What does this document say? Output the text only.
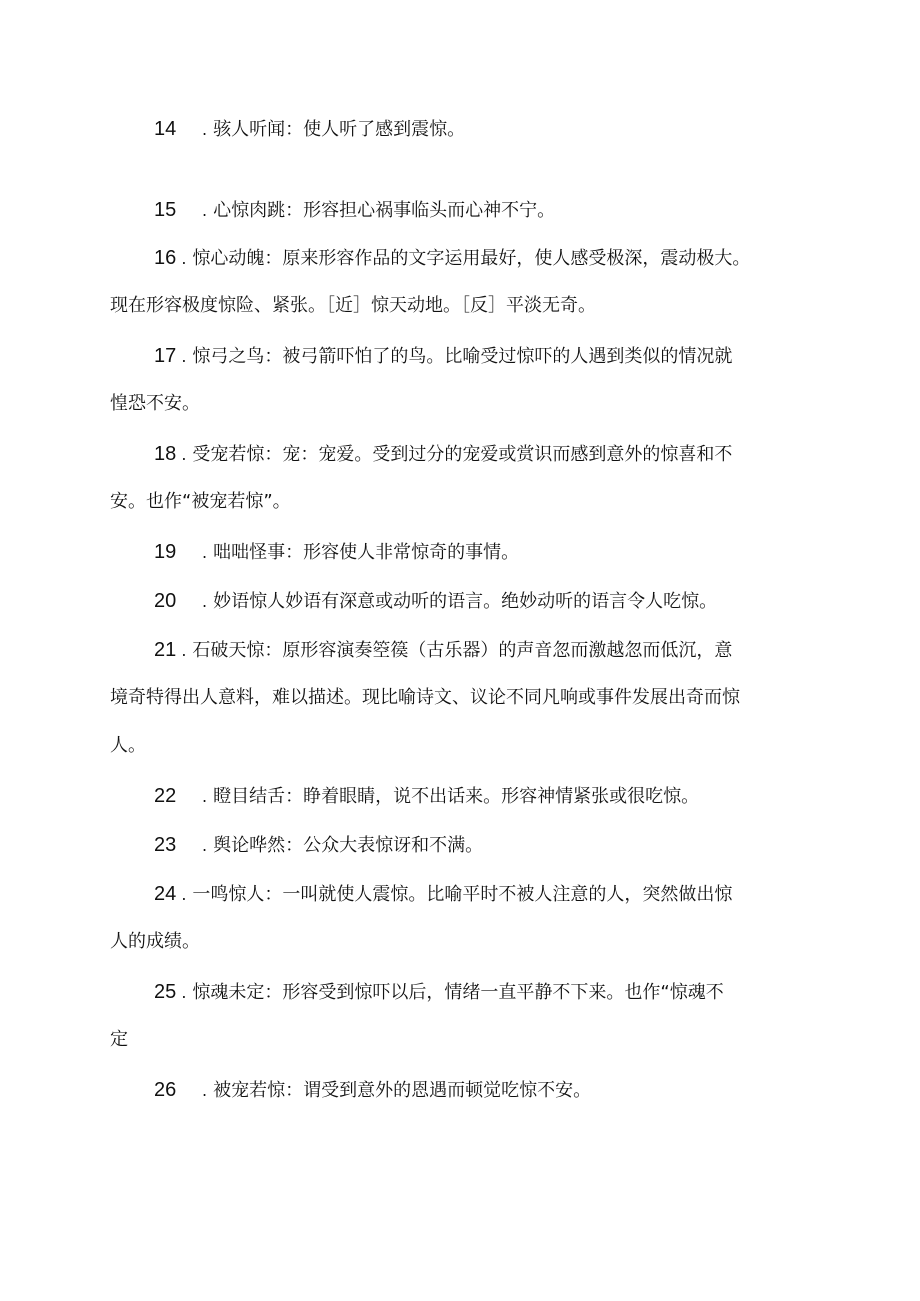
14 . 骇人听闻：使人听了感到震惊。
15 . 心惊肉跳：形容担心祸事临头而心神不宁。
16 . 惊心动魄：原来形容作品的文字运用最好，使人感受极深，震动极大。
现在形容极度惊险、紧张。［近］惊天动地。［反］平淡无奇。
17 . 惊弓之鸟：被弓箭吓怕了的鸟。比喻受过惊吓的人遇到类似的情况就
惶恐不安。
18 . 受宠若惊：宠：宠爱。受到过分的宠爱或赏识而感到意外的惊喜和不
安。也作“被宠若惊”。
19 . 咄咄怪事：形容使人非常惊奇的事情。
20 . 妙语惊人妙语有深意或动听的语言。绝妙动听的语言令人吃惊。
21 . 石破天惊：原形容演奏箜篌（古乐器）的声音忽而激越忽而低沉，意
境奇特得出人意料，难以描述。现比喻诗文、议论不同凡响或事件发展出奇而惊
人。
22 . 瞪目结舌：睁着眼睛，说不出话来。形容神情紧张或很吃惊。
23 . 舆论哗然：公众大表惊讶和不满。
24 . 一鸣惊人：一叫就使人震惊。比喻平时不被人注意的人，突然做出惊
人的成绩。
25 . 惊魂未定：形容受到惊吓以后，情绪一直平静不下来。也作“惊魂不
定
26 . 被宠若惊：谓受到意外的恩遇而顿觉吃惊不安。
